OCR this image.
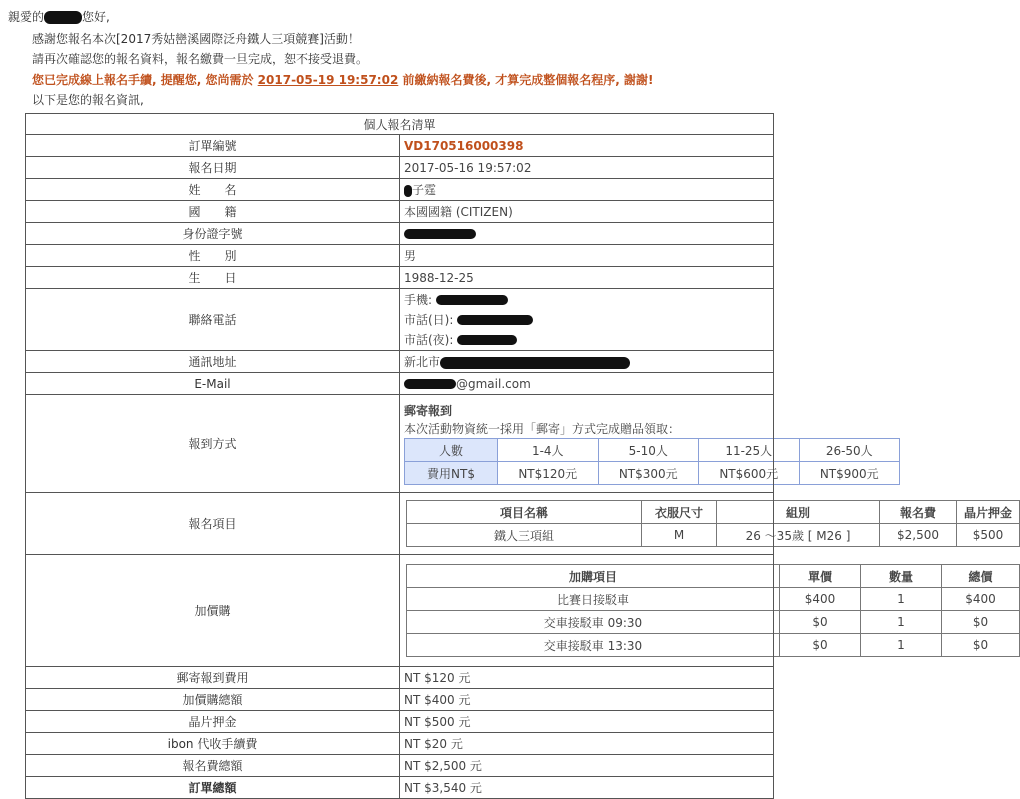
親愛的	您好,
感謝您報名本次[2017秀姑巒溪國際泛舟鐵人三項競賽]活動！
請再次確認您的報名資料，報名繳費一旦完成，恕不接受退費。
您已完成線上報名手續, 提醒您, 您尚需於 2017-05-19 19:57:02 前繳納報名費後, 才算完成整個報名程序, 謝謝!
以下是您的報名資訊,
個人報名清單
訂單編號	VD170516000398
報名日期	2017-05-16 19:57:02
姓　　名	子霆
國　　籍	本國國籍 (CITIZEN)
身份證字號	
性　　別	男
生　　日	1988-12-25
聯絡電話	
手機:
市話(日):
市話(夜):

通訊地址	新北市
E-Mail	@gmail.com
報到方式	
郵寄報到
本次活動物資統一採用「郵寄」方式完成贈品領取：
人數	1-4人	5-10人	11-25人	26-50人
費用NT$	NT$120元	NT$300元	NT$600元	NT$900元

報名項目	
項目名稱	衣服尺寸	組別	報名費	晶片押金
鐵人三項組	M	26 ～35歲 [ M26 ]	$2,500	$500

加價購	
加購項目	單價	數量	總價
比賽日接駁車	$400	1	$400
交車接駁車 09:30	$0	1	$0
交車接駁車 13:30	$0	1	$0

郵寄報到費用	NT $120 元
加價購總額	NT $400 元
晶片押金	NT $500 元
ibon 代收手續費	NT $20 元
報名費總額	NT $2,500 元
訂單總額	NT $3,540 元
